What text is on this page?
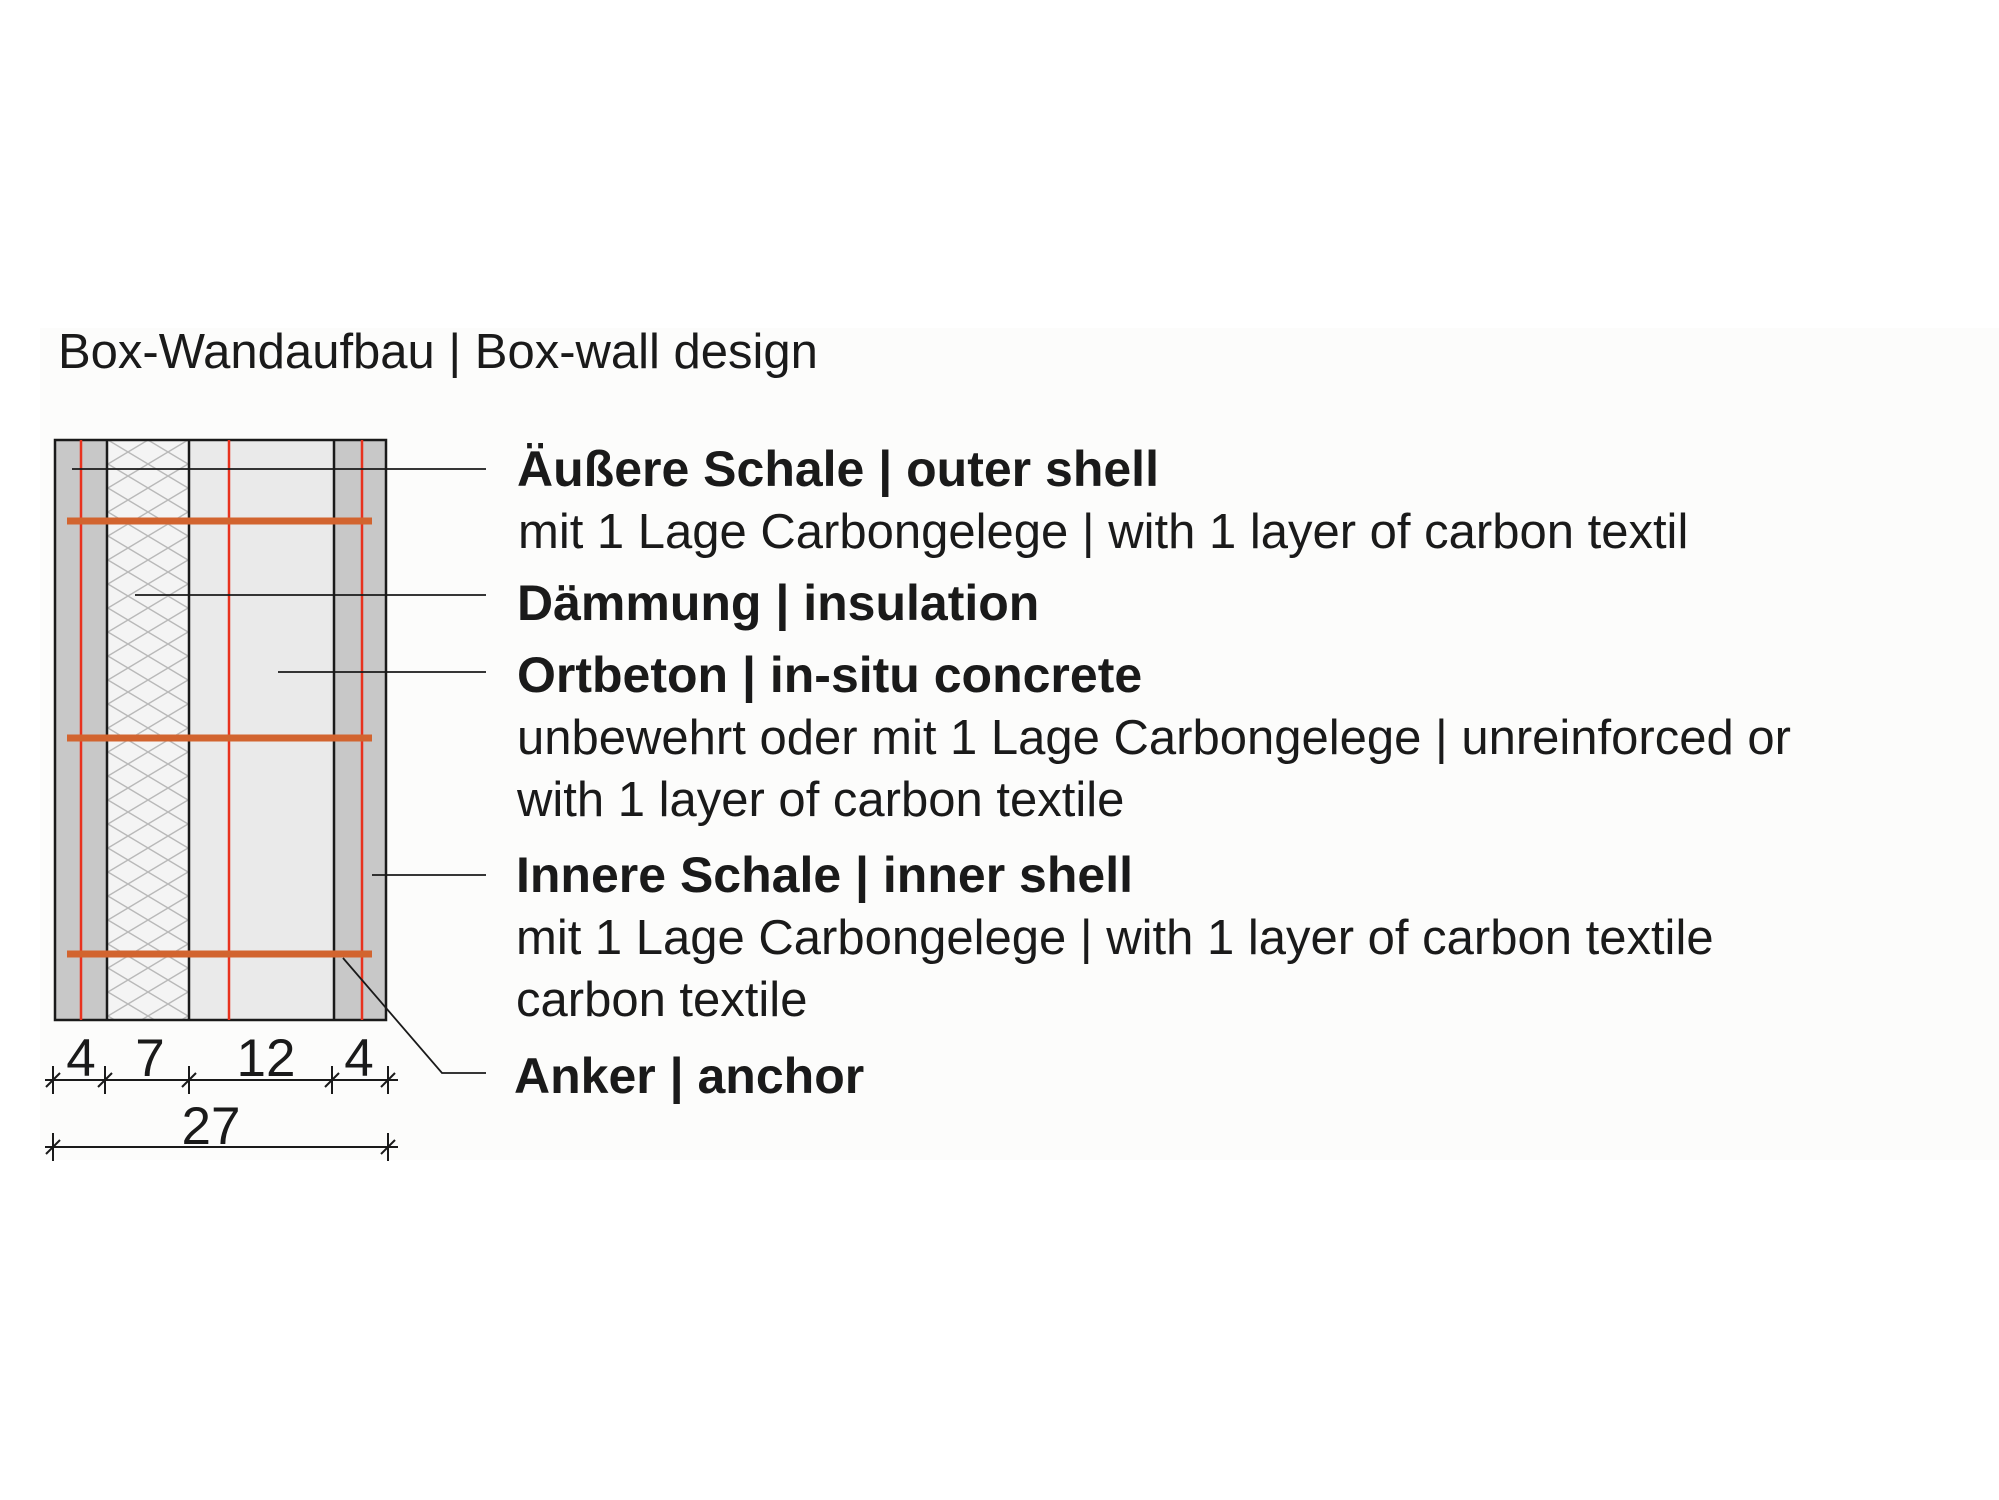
Box-Wandaufbau | Box-wall design
Äußere Schale | outer shell
mit 1 Lage Carbongelege | with 1 layer of carbon textil
Dämmung | insulation
Ortbeton | in-situ concrete
unbewehrt oder mit 1 Lage Carbongelege | unreinforced or
with 1 layer of carbon textile
Innere Schale | inner shell
mit 1 Lage Carbongelege | with 1 layer of carbon textile
carbon textile
Anker | anchor
4 7 12 4
27
